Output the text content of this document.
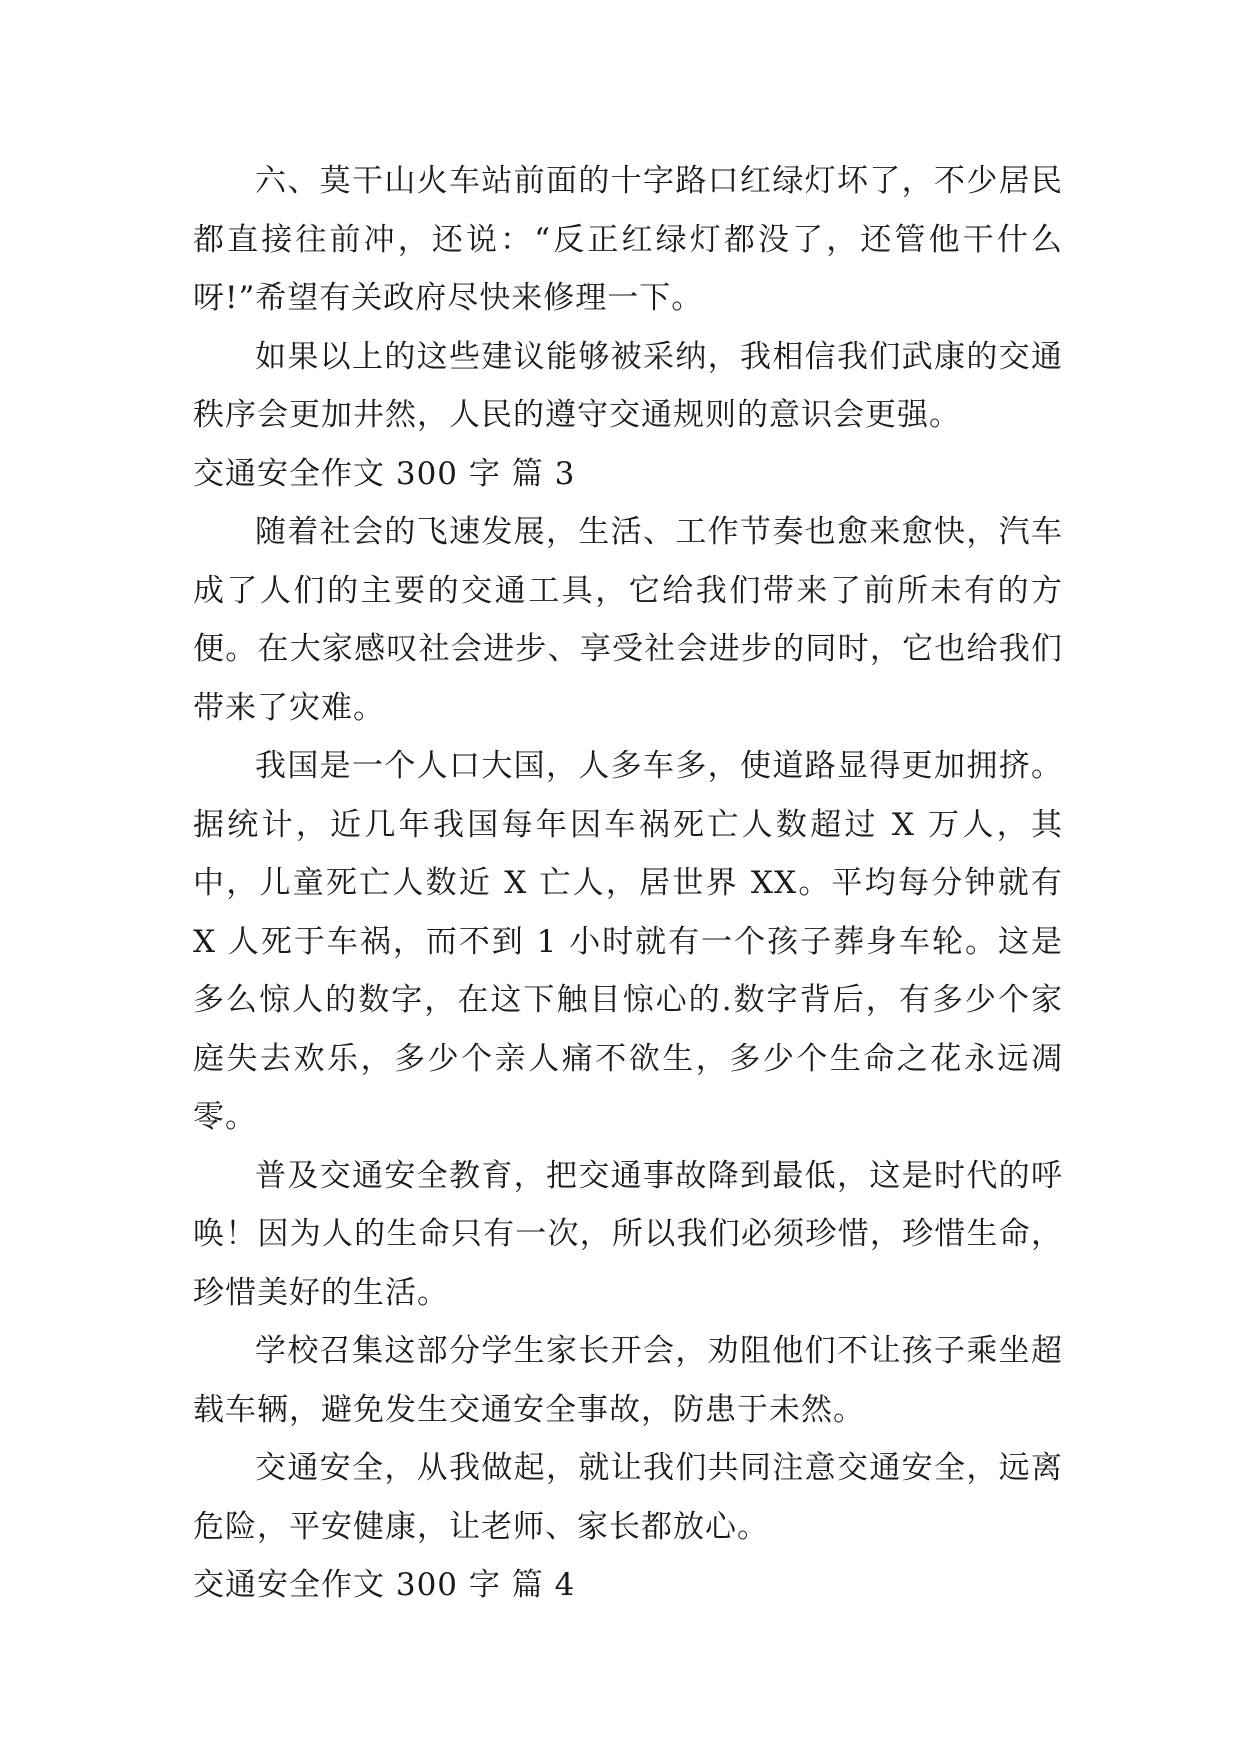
六、莫干山火车站前面的十字路口红绿灯坏了，不少居民都直接往前冲，还说：“反正红绿灯都没了，还管他干什么呀!”希望有关政府尽快来修理一下。

如果以上的这些建议能够被采纳，我相信我们武康的交通秩序会更加井然，人民的遵守交通规则的意识会更强。

交通安全作文 300 字 篇 3

随着社会的飞速发展，生活、工作节奏也愈来愈快，汽车成了人们的主要的交通工具，它给我们带来了前所未有的方便。在大家感叹社会进步、享受社会进步的同时，它也给我们带来了灾难。

我国是一个人口大国，人多车多，使道路显得更加拥挤。据统计，近几年我国每年因车祸死亡人数超过 X 万人，其中，儿童死亡人数近 X 亡人，居世界 XX。平均每分钟就有 X 人死于车祸，而不到 1 小时就有一个孩子葬身车轮。这是多么惊人的数字，在这下触目惊心的.数字背后，有多少个家庭失去欢乐，多少个亲人痛不欲生，多少个生命之花永远凋零。

普及交通安全教育，把交通事故降到最低，这是时代的呼唤！因为人的生命只有一次，所以我们必须珍惜，珍惜生命，珍惜美好的生活。

学校召集这部分学生家长开会，劝阻他们不让孩子乘坐超载车辆，避免发生交通安全事故，防患于未然。

交通安全，从我做起，就让我们共同注意交通安全，远离危险，平安健康，让老师、家长都放心。

交通安全作文 300 字 篇 4
